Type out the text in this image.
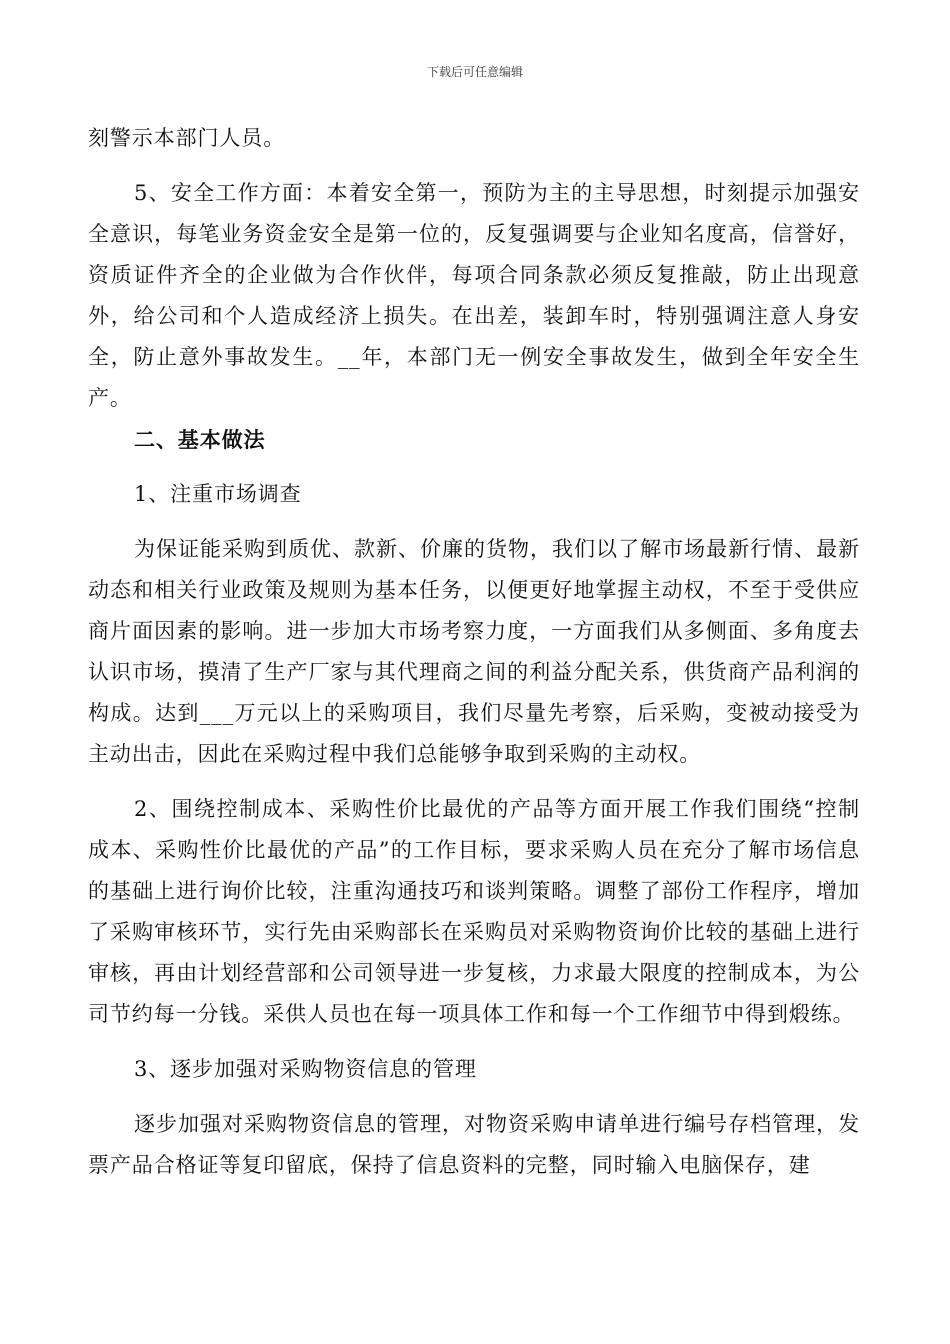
下载后可任意编辑

刻警示本部门人员。

5、安全工作方面：本着安全第一，预防为主的主导思想，时刻提示加强安全意识，每笔业务资金安全是第一位的，反复强调要与企业知名度高，信誉好，资质证件齐全的企业做为合作伙伴，每项合同条款必须反复推敲，防止出现意外，给公司和个人造成经济上损失。在出差，装卸车时，特别强调注意人身安全，防止意外事故发生。__年，本部门无一例安全事故发生，做到全年安全生产。

二、基本做法

1、注重市场调查

为保证能采购到质优、款新、价廉的货物，我们以了解市场最新行情、最新动态和相关行业政策及规则为基本任务，以便更好地掌握主动权，不至于受供应商片面因素的影响。进一步加大市场考察力度，一方面我们从多侧面、多角度去认识市场，摸清了生产厂家与其代理商之间的利益分配关系，供货商产品利润的构成。达到___万元以上的采购项目，我们尽量先考察，后采购，变被动接受为主动出击，因此在采购过程中我们总能够争取到采购的主动权。

2、围绕控制成本、采购性价比最优的产品等方面开展工作我们围绕“控制成本、采购性价比最优的产品”的工作目标，要求采购人员在充分了解市场信息的基础上进行询价比较，注重沟通技巧和谈判策略。调整了部份工作程序，增加了采购审核环节，实行先由采购部长在采购员对采购物资询价比较的基础上进行审核，再由计划经营部和公司领导进一步复核，力求最大限度的控制成本，为公司节约每一分钱。采供人员也在每一项具体工作和每一个工作细节中得到煅练。

3、逐步加强对采购物资信息的管理

逐步加强对采购物资信息的管理，对物资采购申请单进行编号存档管理，发票产品合格证等复印留底，保持了信息资料的完整，同时输入电脑保存，建
